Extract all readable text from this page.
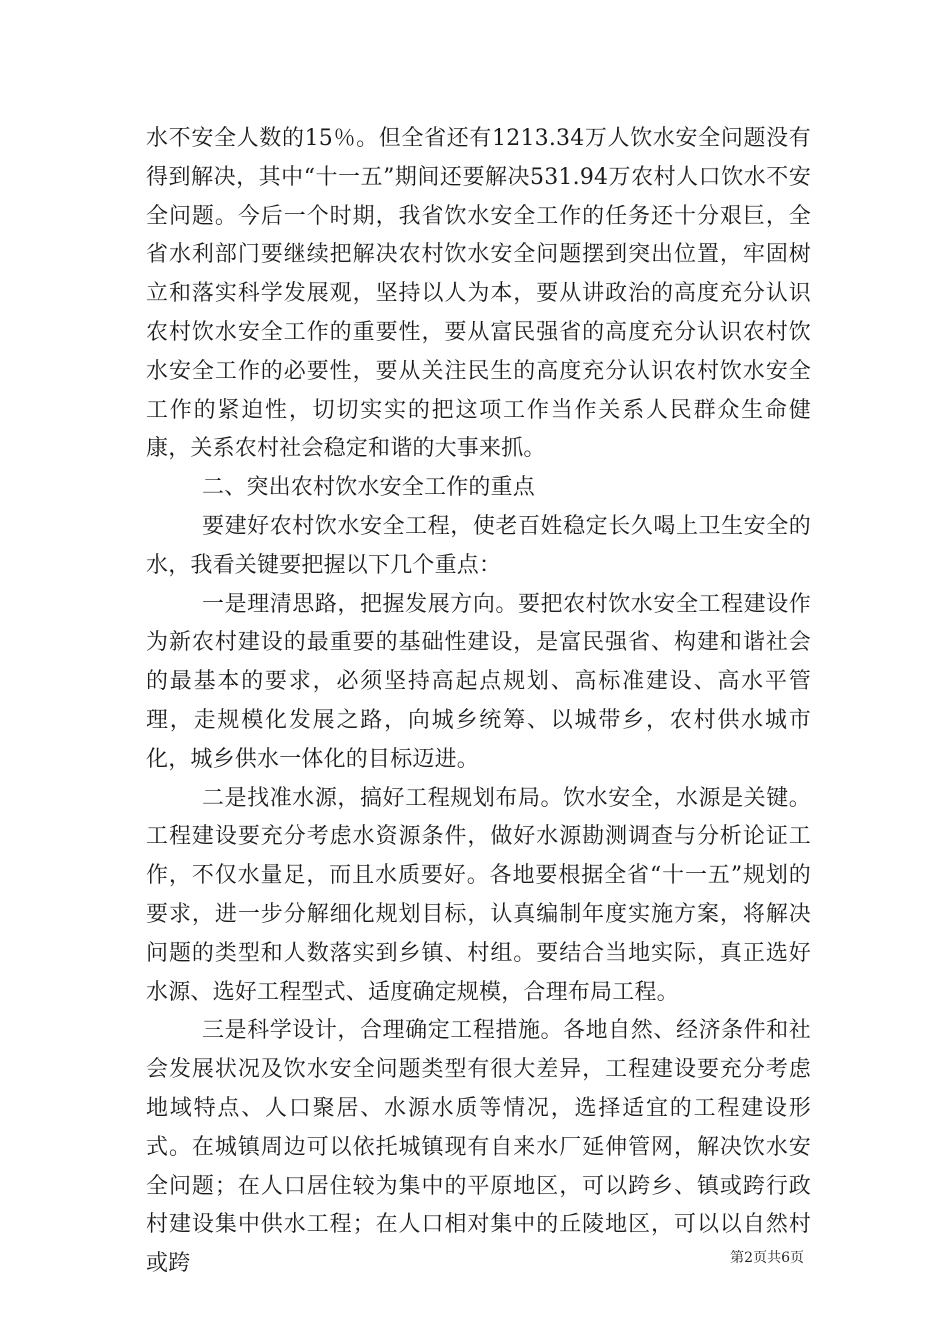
水不安全人数的15％。但全省还有1213.34万人饮水安全问题没有得到解决，其中“十一五”期间还要解决531.94万农村人口饮水不安全问题。今后一个时期，我省饮水安全工作的任务还十分艰巨，全省水利部门要继续把解决农村饮水安全问题摆到突出位置，牢固树立和落实科学发展观，坚持以人为本，要从讲政治的高度充分认识农村饮水安全工作的重要性，要从富民强省的高度充分认识农村饮水安全工作的必要性，要从关注民生的高度充分认识农村饮水安全工作的紧迫性，切切实实的把这项工作当作关系人民群众生命健康，关系农村社会稳定和谐的大事来抓。

二、突出农村饮水安全工作的重点

要建好农村饮水安全工程，使老百姓稳定长久喝上卫生安全的水，我看关键要把握以下几个重点：

一是理清思路，把握发展方向。要把农村饮水安全工程建设作为新农村建设的最重要的基础性建设，是富民强省、构建和谐社会的最基本的要求，必须坚持高起点规划、高标准建设、高水平管理，走规模化发展之路，向城乡统筹、以城带乡，农村供水城市化，城乡供水一体化的目标迈进。

二是找准水源，搞好工程规划布局。饮水安全，水源是关键。工程建设要充分考虑水资源条件，做好水源勘测调查与分析论证工作，不仅水量足，而且水质要好。各地要根据全省“十一五”规划的要求，进一步分解细化规划目标，认真编制年度实施方案，将解决问题的类型和人数落实到乡镇、村组。要结合当地实际，真正选好水源、选好工程型式、适度确定规模，合理布局工程。

三是科学设计，合理确定工程措施。各地自然、经济条件和社会发展状况及饮水安全问题类型有很大差异，工程建设要充分考虑地域特点、人口聚居、水源水质等情况，选择适宜的工程建设形式。在城镇周边可以依托城镇现有自来水厂延伸管网，解决饮水安全问题；在人口居住较为集中的平原地区，可以跨乡、镇或跨行政村建设集中供水工程；在人口相对集中的丘陵地区，可以以自然村或跨	第2页共6页
